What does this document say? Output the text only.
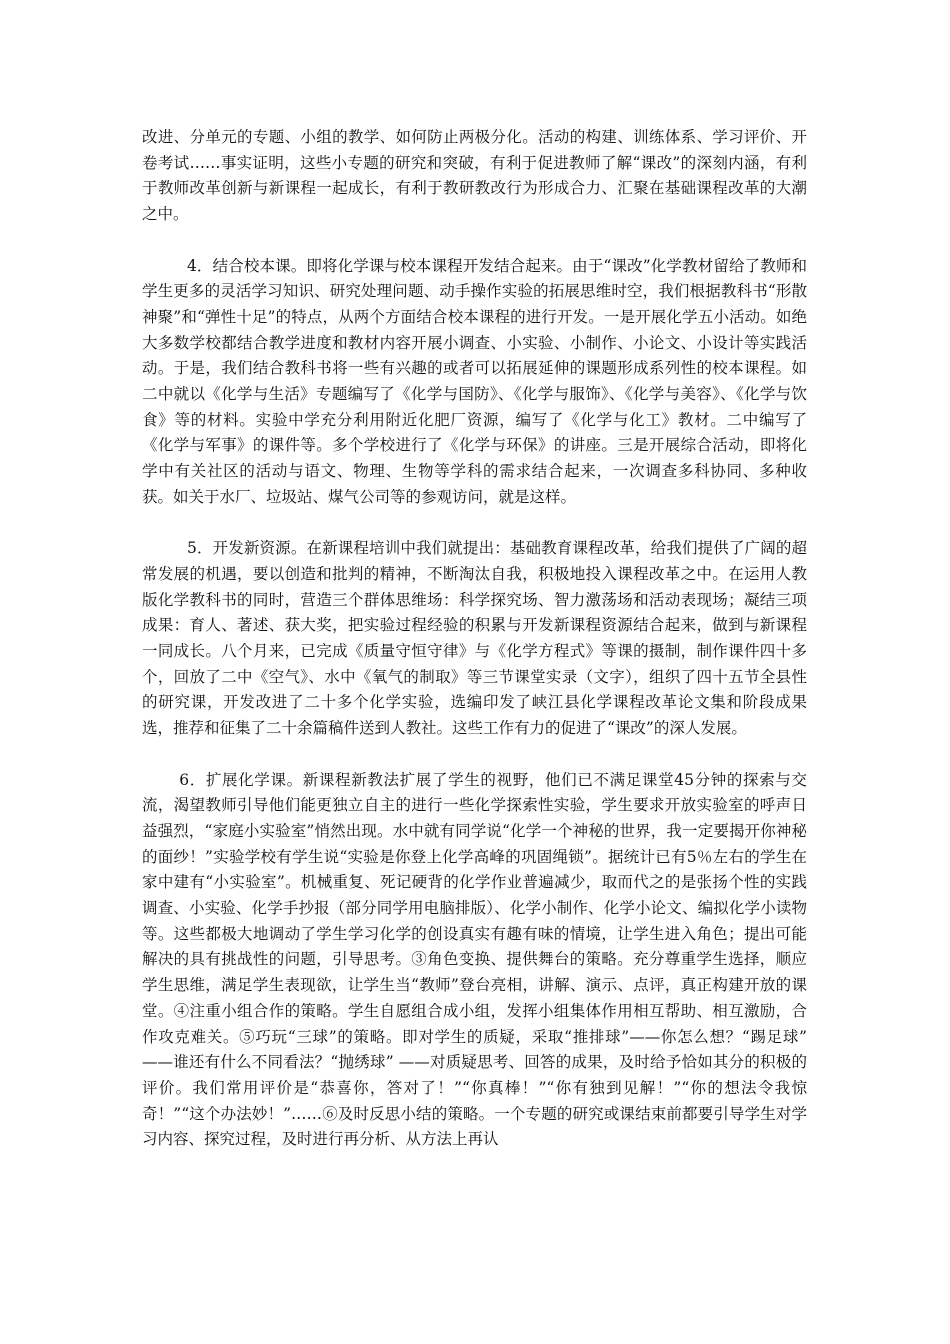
改进、分单元的专题、小组的教学、如何防止两极分化。活动的构建、训练体系、学习评价、开卷考试……事实证明，这些小专题的研究和突破，有利于促进教师了解“课改”的深刻内涵，有利于教师改革创新与新课程一起成长，有利于教研教改行为形成合力、汇聚在基础课程改革的大潮之中。

4．结合校本课。即将化学课与校本课程开发结合起来。由于“课改”化学教材留给了教师和学生更多的灵活学习知识、研究处理问题、动手操作实验的拓展思维时空，我们根据教科书“形散神聚”和“弹性十足”的特点，从两个方面结合校本课程的进行开发。一是开展化学五小活动。如绝大多数学校都结合教学进度和教材内容开展小调查、小实验、小制作、小论文、小设计等实践活动。于是，我们结合教科书将一些有兴趣的或者可以拓展延伸的课题形成系列性的校本课程。如二中就以《化学与生活》专题编写了《化学与国防》、《化学与服饰》、《化学与美容》、《化学与饮食》等的材料。实验中学充分利用附近化肥厂资源，编写了《化学与化工》教材。二中编写了《化学与军事》的课件等。多个学校进行了《化学与环保》的讲座。三是开展综合活动，即将化学中有关社区的活动与语文、物理、生物等学科的需求结合起来，一次调查多科协同、多种收获。如关于水厂、垃圾站、煤气公司等的参观访问，就是这样。

5．开发新资源。在新课程培训中我们就提出：基础教育课程改革，给我们提供了广阔的超常发展的机遇，要以创造和批判的精神，不断淘汰自我，积极地投入课程改革之中。在运用人教版化学教科书的同时，营造三个群体思维场：科学探究场、智力激荡场和活动表现场；凝结三项成果：育人、著述、获大奖，把实验过程经验的积累与开发新课程资源结合起来，做到与新课程一同成长。八个月来，已完成《质量守恒守律》与《化学方程式》等课的摄制，制作课件四十多个，回放了二中《空气》、水中《氧气的制取》等三节课堂实录（文字），组织了四十五节全县性的研究课，开发改进了二十多个化学实验，选编印发了峡江县化学课程改革论文集和阶段成果选，推荐和征集了二十余篇稿件送到人教社。这些工作有力的促进了“课改”的深人发展。

6．扩展化学课。新课程新教法扩展了学生的视野，他们已不满足课堂45分钟的探索与交流，渴望教师引导他们能更独立自主的进行一些化学探索性实验，学生要求开放实验室的呼声日益强烈，“家庭小实验室”悄然出现。水中就有同学说“化学一个神秘的世界，我一定要揭开你神秘的面纱！”实验学校有学生说“实验是你登上化学高峰的巩固绳锁”。据统计已有5％左右的学生在家中建有“小实验室”。机械重复、死记硬背的化学作业普遍减少，取而代之的是张扬个性的实践调查、小实验、化学手抄报（部分同学用电脑排版）、化学小制作、化学小论文、编拟化学小读物等。这些都极大地调动了学生学习化学的创设真实有趣有味的情境，让学生进入角色；提出可能解决的具有挑战性的问题，引导思考。③角色变换、提供舞台的策略。充分尊重学生选择，顺应学生思维，满足学生表现欲，让学生当“教师”登台亮相，讲解、演示、点评，真正构建开放的课堂。④注重小组合作的策略。学生自愿组合成小组，发挥小组集体作用相互帮助、相互激励，合作攻克难关。⑤巧玩“三球”的策略。即对学生的质疑，采取“推排球”——你怎么想？“踢足球” ——谁还有什么不同看法？“抛绣球” ——对质疑思考、回答的成果，及时给予恰如其分的积极的评价。我们常用评价是“恭喜你，答对了！”“你真棒！”“你有独到见解！”“你的想法令我惊奇！”“这个办法妙！”……⑥及时反思小结的策略。一个专题的研究或课结束前都要引导学生对学习内容、探究过程，及时进行再分析、从方法上再认
